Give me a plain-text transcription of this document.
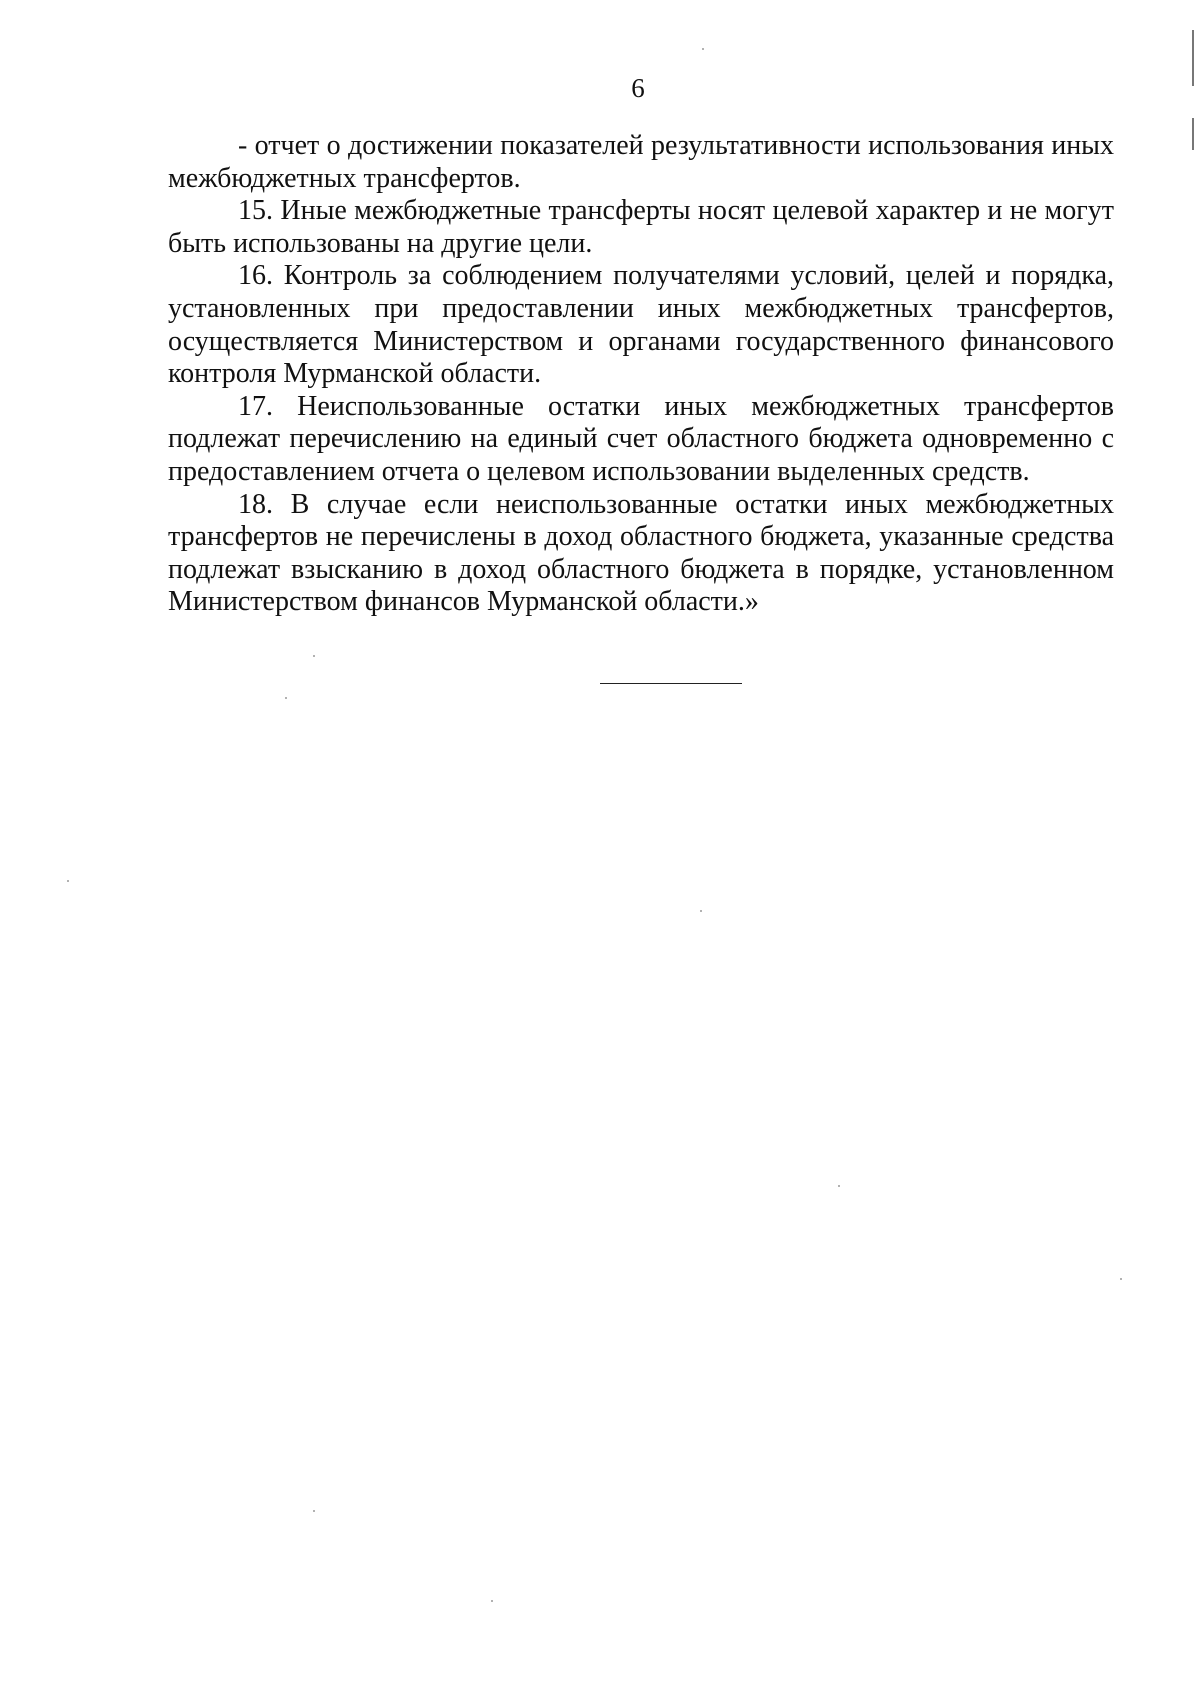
6

- отчет о достижении показателей результативности использования иных межбюджетных трансфертов.

15. Иные межбюджетные трансферты носят целевой характер и не могут быть использованы на другие цели.

16. Контроль за соблюдением получателями условий, целей и порядка, установленных при предоставлении иных межбюджетных трансфертов, осуществляется Министерством и органами государственного финансового контроля Мурманской области.

17. Неиспользованные остатки иных межбюджетных трансфертов подлежат перечислению на единый счет областного бюджета одновременно с предоставлением отчета о целевом использовании выделенных средств.

18. В случае если неиспользованные остатки иных межбюджетных трансфертов не перечислены в доход областного бюджета, указанные средства подлежат взысканию в доход областного бюджета в порядке, установленном Министерством финансов Мурманской области.»
